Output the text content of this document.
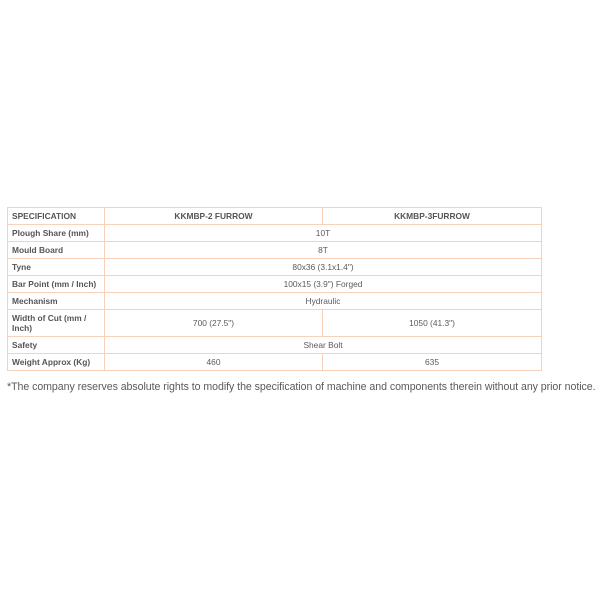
SPECIFICATION	KKMBP-2 FURROW	KKMBP-3FURROW
Plough Share (mm)	10T	
Mould Board	8T	
Tyne	80x36 (3.1x1.4")	
Bar Point (mm / Inch)	100x15 (3.9") Forged	
Mechanism	Hydraulic	
Width of Cut (mm / Inch)	700 (27.5")	1050 (41.3")
Safety	Shear Bolt	
Weight Approx (Kg)	460	635
*The company reserves absolute rights to modify the specification of machine and components therein without any prior notice.
